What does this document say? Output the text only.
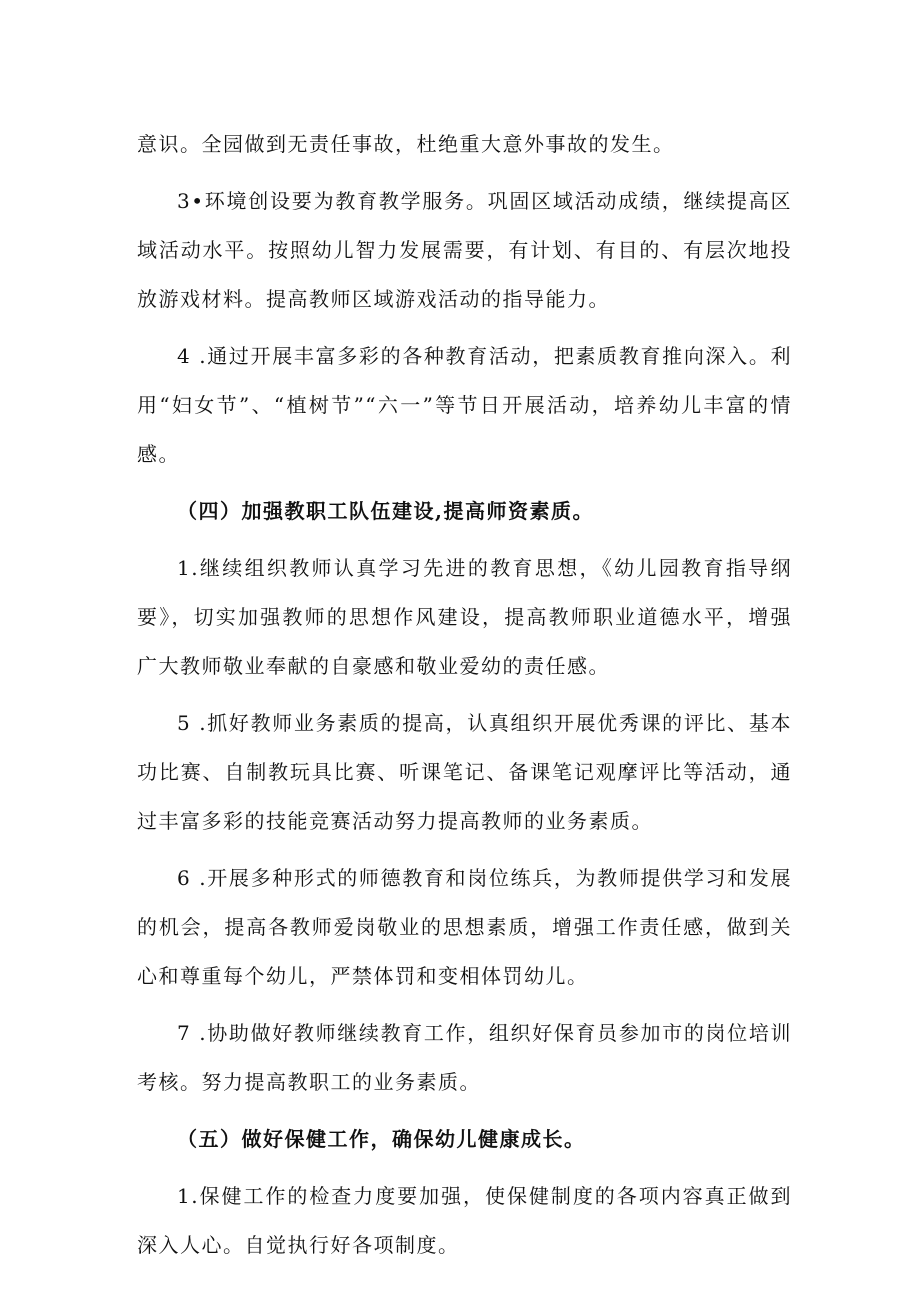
意识。全园做到无责任事故，杜绝重大意外事故的发生。

3•环境创设要为教育教学服务。巩固区域活动成绩，继续提高区域活动水平。按照幼儿智力发展需要，有计划、有目的、有层次地投放游戏材料。提高教师区域游戏活动的指导能力。

4 .通过开展丰富多彩的各种教育活动，把素质教育推向深入。利用“妇女节”、“植树节”“六一”等节日开展活动，培养幼儿丰富的情感。

（四）加强教职工队伍建设,提高师资素质。

1.继续组织教师认真学习先进的教育思想，《幼儿园教育指导纲要》，切实加强教师的思想作风建设，提高教师职业道德水平，增强广大教师敬业奉献的自豪感和敬业爱幼的责任感。

5 .抓好教师业务素质的提高，认真组织开展优秀课的评比、基本功比赛、自制教玩具比赛、听课笔记、备课笔记观摩评比等活动，通过丰富多彩的技能竞赛活动努力提高教师的业务素质。

6 .开展多种形式的师德教育和岗位练兵，为教师提供学习和发展的机会，提高各教师爱岗敬业的思想素质，增强工作责任感，做到关心和尊重每个幼儿，严禁体罚和变相体罚幼儿。

7 .协助做好教师继续教育工作，组织好保育员参加市的岗位培训考核。努力提高教职工的业务素质。

（五）做好保健工作，确保幼儿健康成长。

1.保健工作的检查力度要加强，使保健制度的各项内容真正做到深入人心。自觉执行好各项制度。
